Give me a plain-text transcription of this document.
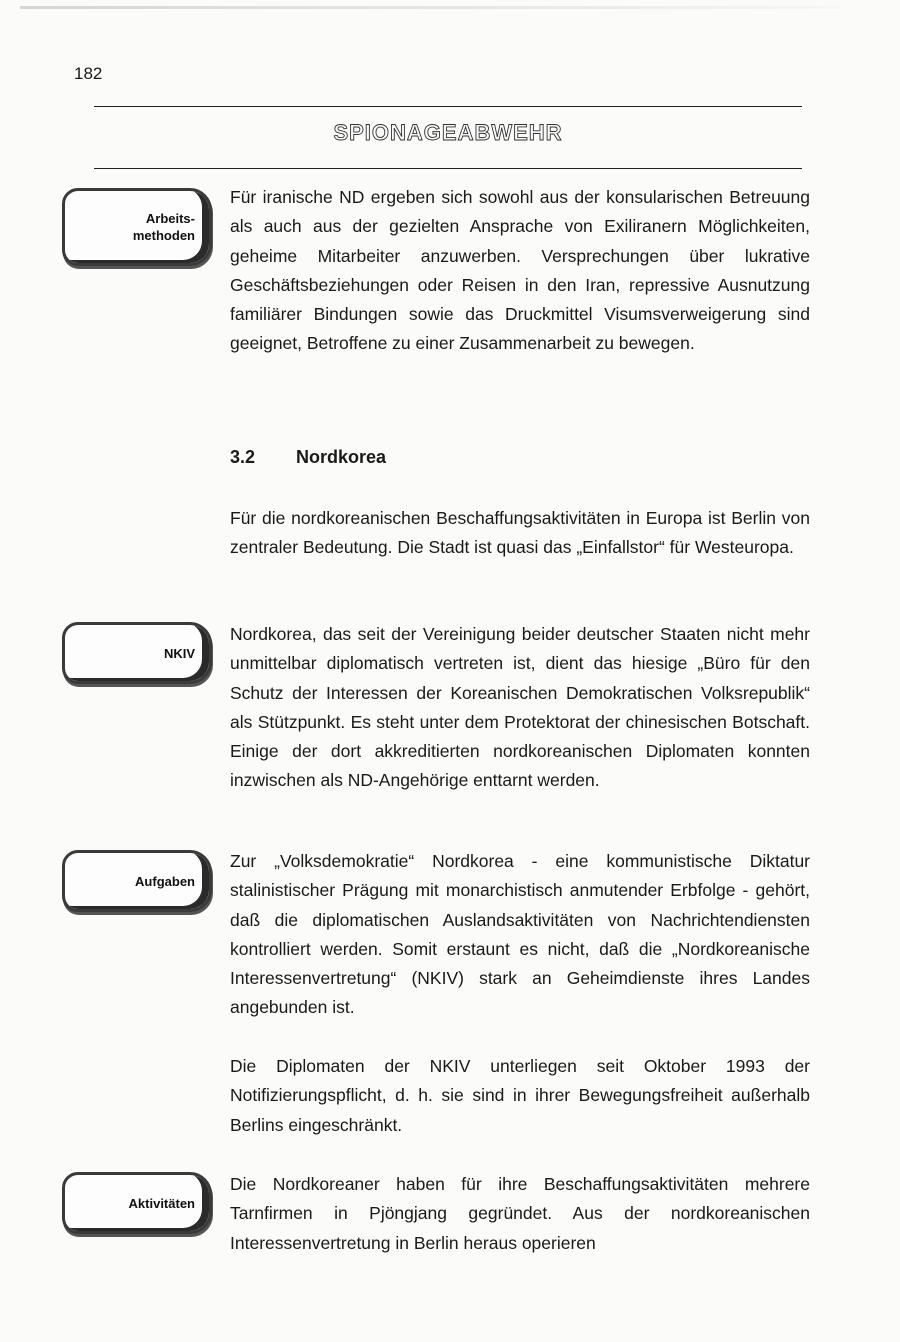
182
SPIONAGEABWEHR
Arbeits-
methoden

Für iranische ND ergeben sich sowohl aus der konsularischen Betreuung als auch aus der gezielten Ansprache von Exiliranern Möglichkeiten, geheime Mitarbeiter anzuwerben. Versprechungen über lukrative Geschäftsbeziehungen oder Reisen in den Iran, repressive Ausnutzung familiärer Bindungen sowie das Druckmittel Visumsverweigerung sind geeignet, Betroffene zu einer Zusammenarbeit zu bewegen.

3.2 Nordkorea

Für die nordkoreanischen Beschaffungsaktivitäten in Europa ist Berlin von zentraler Bedeutung. Die Stadt ist quasi das „Einfallstor“ für Westeuropa.

NKIV

Nordkorea, das seit der Vereinigung beider deutscher Staaten nicht mehr unmittelbar diplomatisch vertreten ist, dient das hiesige „Büro für den Schutz der Interessen der Koreanischen Demokratischen Volksrepublik“ als Stützpunkt. Es steht unter dem Protektorat der chinesischen Botschaft. Einige der dort akkreditierten nordkoreanischen Diplomaten konnten inzwischen als ND-Angehörige enttarnt werden.

Aufgaben

Zur „Volksdemokratie“ Nordkorea - eine kommunistische Diktatur stalinistischer Prägung mit monarchistisch anmutender Erbfolge - gehört, daß die diplomatischen Auslandsaktivitäten von Nachrichtendiensten kontrolliert werden. Somit erstaunt es nicht, daß die „Nordkoreanische Interessenvertretung“ (NKIV) stark an Geheimdienste ihres Landes angebunden ist.

Die Diplomaten der NKIV unterliegen seit Oktober 1993 der Notifizierungspflicht, d. h. sie sind in ihrer Bewegungsfreiheit außerhalb Berlins eingeschränkt.

Aktivitäten

Die Nordkoreaner haben für ihre Beschaffungsaktivitäten mehrere Tarnfirmen in Pjöngjang gegründet. Aus der nordkoreanischen Interessenvertretung in Berlin heraus operieren
